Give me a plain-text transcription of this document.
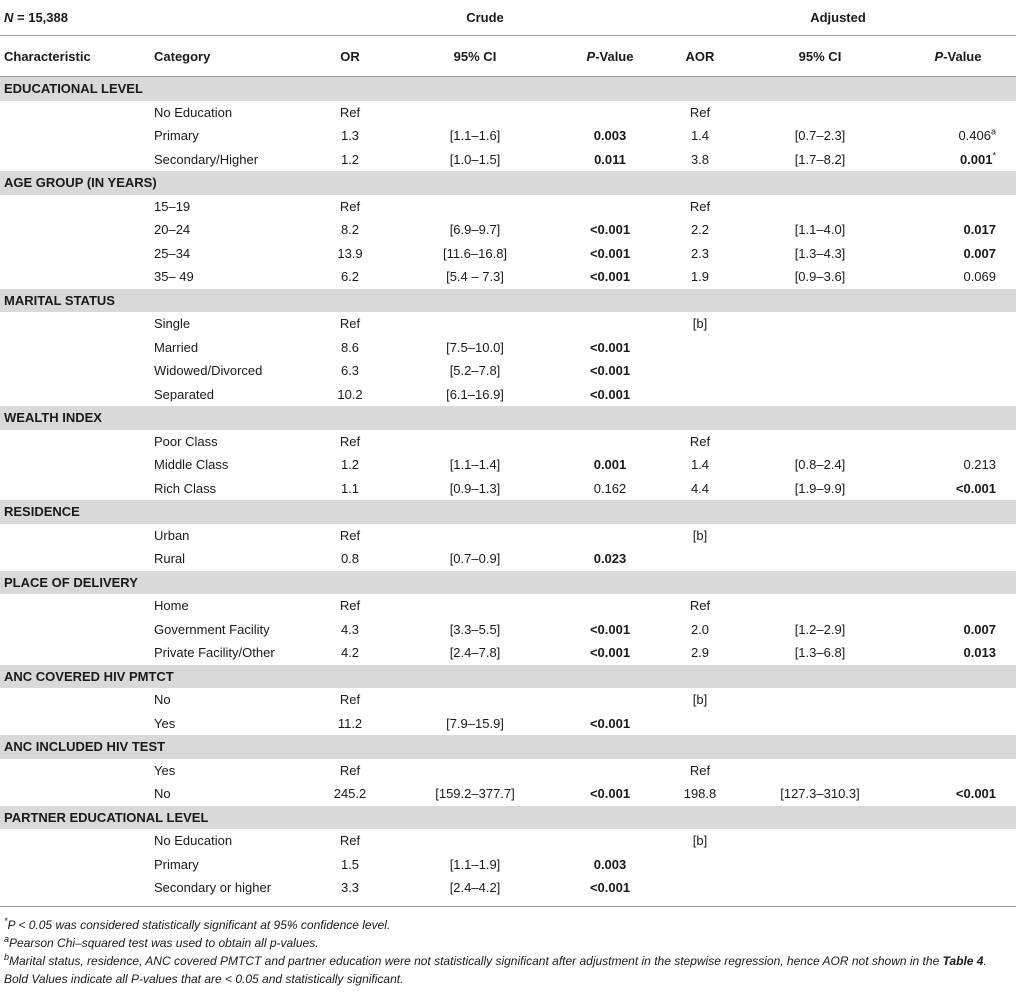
N = 15,388		Crude			Adjusted		
Characteristic	Category	OR	95% CI	P-Value	AOR	95% CI	P-Value
EDUCATIONAL LEVEL							
	No Education	Ref			Ref		
	Primary	1.3	[1.1–1.6]	0.003	1.4	[0.7–2.3]	0.406$^a$
	Secondary/Higher	1.2	[1.0–1.5]	0.011	3.8	[1.7–8.2]	0.001*
AGE GROUP (IN YEARS)							
	15–19	Ref			Ref		
	20–24	8.2	[6.9–9.7]	<0.001	2.2	[1.1–4.0]	0.017
	25–34	13.9	[11.6–16.8]	<0.001	2.3	[1.3–4.3]	0.007
	35– 49	6.2	[5.4 – 7.3]	<0.001	1.9	[0.9–3.6]	0.069
MARITAL STATUS							
	Single	Ref			[b]		
	Married	8.6	[7.5–10.0]	<0.001			
	Widowed/Divorced	6.3	[5.2–7.8]	<0.001			
	Separated	10.2	[6.1–16.9]	<0.001			
WEALTH INDEX							
	Poor Class	Ref			Ref		
	Middle Class	1.2	[1.1–1.4]	0.001	1.4	[0.8–2.4]	0.213
	Rich Class	1.1	[0.9–1.3]	0.162	4.4	[1.9–9.9]	<0.001
RESIDENCE							
	Urban	Ref			[b]		
	Rural	0.8	[0.7–0.9]	0.023			
PLACE OF DELIVERY							
	Home	Ref			Ref		
	Government Facility	4.3	[3.3–5.5]	<0.001	2.0	[1.2–2.9]	0.007
	Private Facility/Other	4.2	[2.4–7.8]	<0.001	2.9	[1.3–6.8]	0.013
ANC COVERED HIV PMTCT							
	No	Ref			[b]		
	Yes	11.2	[7.9–15.9]	<0.001			
ANC INCLUDED HIV TEST							
	Yes	Ref			Ref		
	No	245.2	[159.2–377.7]	<0.001	198.8	[127.3–310.3]	<0.001
PARTNER EDUCATIONAL LEVEL							
	No Education	Ref			[b]		
	Primary	1.5	[1.1–1.9]	0.003			
	Secondary or higher	3.3	[2.4–4.2]	<0.001			
*P < 0.05 was considered statistically significant at 95% confidence level.
$^a$Pearson Chi–squared test was used to obtain all p-values.
$^b$Marital status, residence, ANC covered PMTCT and partner education were not statistically significant after adjustment in the stepwise regression, hence AOR not shown in the Table 4.
Bold Values indicate all P-values that are < 0.05 and statistically significant.
